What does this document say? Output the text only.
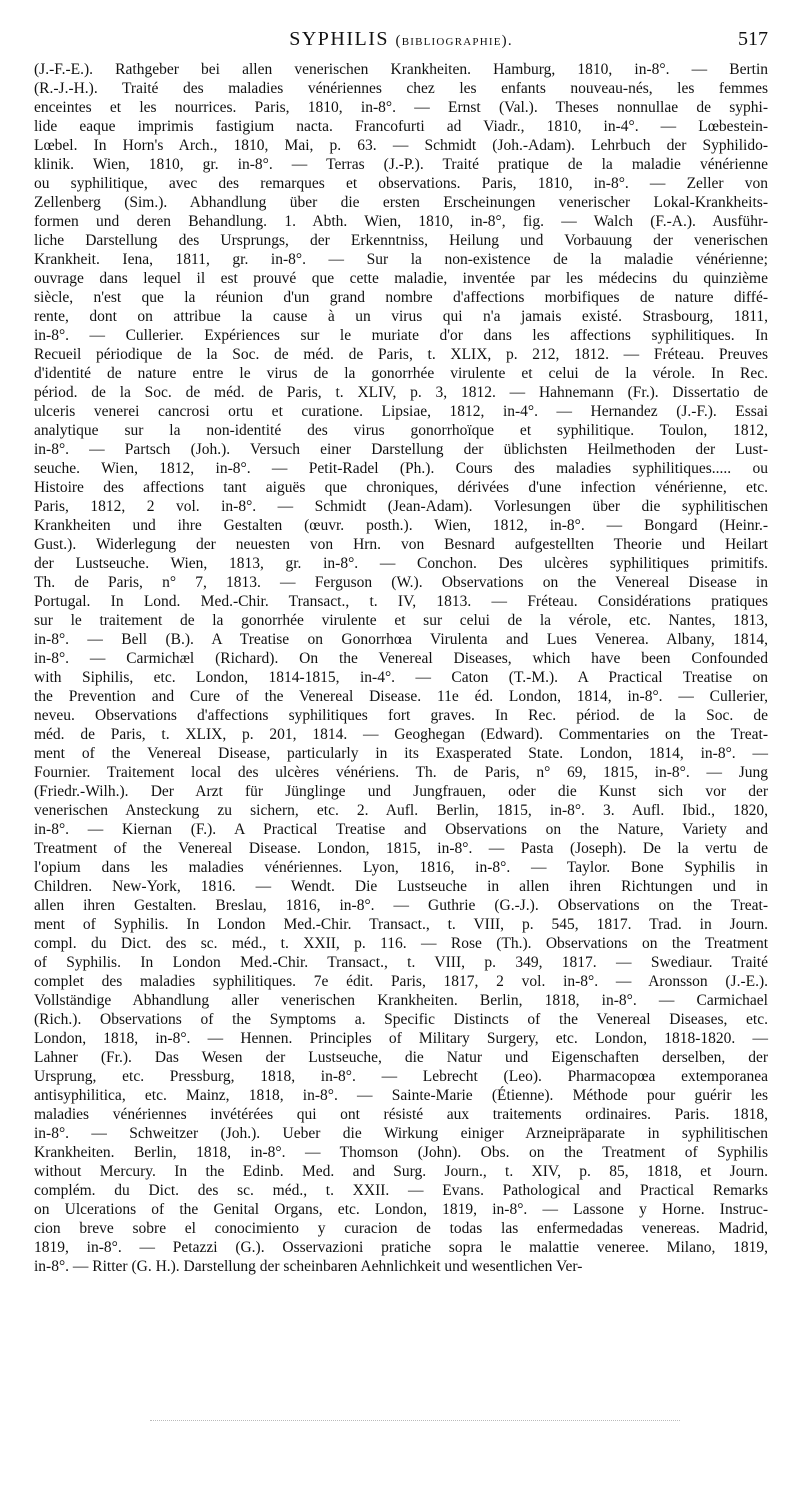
SYPHILIS (bibliographie).	517
(J.-F.-E.). Rathgeber bei allen venerischen Krankheiten. Hamburg, 1810, in-8°. — Bertin
(R.-J.-H.). Traité des maladies vénériennes chez les enfants nouveau-nés, les femmes
enceintes et les nourrices. Paris, 1810, in-8°. — Ernst (Val.). Theses nonnullae de syphi-
lide eaque imprimis fastigium nacta. Francofurti ad Viadr., 1810, in-4°. — Lœbestein-
Lœbel. In Horn's Arch., 1810, Mai, p. 63. — Schmidt (Joh.-Adam). Lehrbuch der Syphilido-
klinik. Wien, 1810, gr. in-8°. — Terras (J.-P.). Traité pratique de la maladie vénérienne
ou syphilitique, avec des remarques et observations. Paris, 1810, in-8°. — Zeller von
Zellenberg (Sim.). Abhandlung über die ersten Erscheinungen venerischer Lokal-Krankheits-
formen und deren Behandlung. 1. Abth. Wien, 1810, in-8°, fig. — Walch (F.-A.). Ausführ-
liche Darstellung des Ursprungs, der Erkenntniss, Heilung und Vorbauung der venerischen
Krankheit. Iena, 1811, gr. in-8°. — Sur la non-existence de la maladie vénérienne;
ouvrage dans lequel il est prouvé que cette maladie, inventée par les médecins du quinzième
siècle, n'est que la réunion d'un grand nombre d'affections morbifiques de nature diffé-
rente, dont on attribue la cause à un virus qui n'a jamais existé. Strasbourg, 1811,
in-8°. — Cullerier. Expériences sur le muriate d'or dans les affections syphilitiques. In
Recueil périodique de la Soc. de méd. de Paris, t. XLIX, p. 212, 1812. — Fréteau. Preuves
d'identité de nature entre le virus de la gonorrhée virulente et celui de la vérole. In Rec.
périod. de la Soc. de méd. de Paris, t. XLIV, p. 3, 1812. — Hahnemann (Fr.). Dissertatio de
ulceris venerei cancrosi ortu et curatione. Lipsiae, 1812, in-4°. — Hernandez (J.-F.). Essai
analytique sur la non-identité des virus gonorrhoïque et syphilitique. Toulon, 1812,
in-8°. — Partsch (Joh.). Versuch einer Darstellung der üblichsten Heilmethoden der Lust-
seuche. Wien, 1812, in-8°. — Petit-Radel (Ph.). Cours des maladies syphilitiques..... ou
Histoire des affections tant aiguës que chroniques, dérivées d'une infection vénérienne, etc.
Paris, 1812, 2 vol. in-8°. — Schmidt (Jean-Adam). Vorlesungen über die syphilitischen
Krankheiten und ihre Gestalten (œuvr. posth.). Wien, 1812, in-8°. — Bongard (Heinr.-
Gust.). Widerlegung der neuesten von Hrn. von Besnard aufgestellten Theorie und Heilart
der Lustseuche. Wien, 1813, gr. in-8°. — Conchon. Des ulcères syphilitiques primitifs.
Th. de Paris, n° 7, 1813. — Ferguson (W.). Observations on the Venereal Disease in
Portugal. In Lond. Med.-Chir. Transact., t. IV, 1813. — Fréteau. Considérations pratiques
sur le traitement de la gonorrhée virulente et sur celui de la vérole, etc. Nantes, 1813,
in-8°. — Bell (B.). A Treatise on Gonorrhœa Virulenta and Lues Venerea. Albany, 1814,
in-8°. — Carmichæl (Richard). On the Venereal Diseases, which have been Confounded
with Siphilis, etc. London, 1814-1815, in-4°. — Caton (T.-M.). A Practical Treatise on
the Prevention and Cure of the Venereal Disease. 11e éd. London, 1814, in-8°. — Cullerier,
neveu. Observations d'affections syphilitiques fort graves. In Rec. périod. de la Soc. de
méd. de Paris, t. XLIX, p. 201, 1814. — Geoghegan (Edward). Commentaries on the Treat-
ment of the Venereal Disease, particularly in its Exasperated State. London, 1814, in-8°. —
Fournier. Traitement local des ulcères vénériens. Th. de Paris, n° 69, 1815, in-8°. — Jung
(Friedr.-Wilh.). Der Arzt für Jünglinge und Jungfrauen, oder die Kunst sich vor der
venerischen Ansteckung zu sichern, etc. 2. Aufl. Berlin, 1815, in-8°. 3. Aufl. Ibid., 1820,
in-8°. — Kiernan (F.). A Practical Treatise and Observations on the Nature, Variety and
Treatment of the Venereal Disease. London, 1815, in-8°. — Pasta (Joseph). De la vertu de
l'opium dans les maladies vénériennes. Lyon, 1816, in-8°. — Taylor. Bone Syphilis in
Children. New-York, 1816. — Wendt. Die Lustseuche in allen ihren Richtungen und in
allen ihren Gestalten. Breslau, 1816, in-8°. — Guthrie (G.-J.). Observations on the Treat-
ment of Syphilis. In London Med.-Chir. Transact., t. VIII, p. 545, 1817. Trad. in Journ.
compl. du Dict. des sc. méd., t. XXII, p. 116. — Rose (Th.). Observations on the Treatment
of Syphilis. In London Med.-Chir. Transact., t. VIII, p. 349, 1817. — Swediaur. Traité
complet des maladies syphilitiques. 7e édit. Paris, 1817, 2 vol. in-8°. — Aronsson (J.-E.).
Vollständige Abhandlung aller venerischen Krankheiten. Berlin, 1818, in-8°. — Carmichael
(Rich.). Observations of the Symptoms a. Specific Distincts of the Venereal Diseases, etc.
London, 1818, in-8°. — Hennen. Principles of Military Surgery, etc. London, 1818-1820. —
Lahner (Fr.). Das Wesen der Lustseuche, die Natur und Eigenschaften derselben, der
Ursprung, etc. Pressburg, 1818, in-8°. — Lebrecht (Leo). Pharmacopœa extemporanea
antisyphilitica, etc. Mainz, 1818, in-8°. — Sainte-Marie (Étienne). Méthode pour guérir les
maladies vénériennes invétérées qui ont résisté aux traitements ordinaires. Paris. 1818,
in-8°. — Schweitzer (Joh.). Ueber die Wirkung einiger Arzneipräparate in syphilitischen
Krankheiten. Berlin, 1818, in-8°. — Thomson (John). Obs. on the Treatment of Syphilis
without Mercury. In the Edinb. Med. and Surg. Journ., t. XIV, p. 85, 1818, et Journ.
complém. du Dict. des sc. méd., t. XXII. — Evans. Pathological and Practical Remarks
on Ulcerations of the Genital Organs, etc. London, 1819, in-8°. — Lassone y Horne. Instruc-
cion breve sobre el conocimiento y curacion de todas las enfermedadas venereas. Madrid,
1819, in-8°. — Petazzi (G.). Osservazioni pratiche sopra le malattie veneree. Milano, 1819,
in-8°. — Ritter (G. H.). Darstellung der scheinbaren Aehnlichkeit und wesentlichen Ver-
